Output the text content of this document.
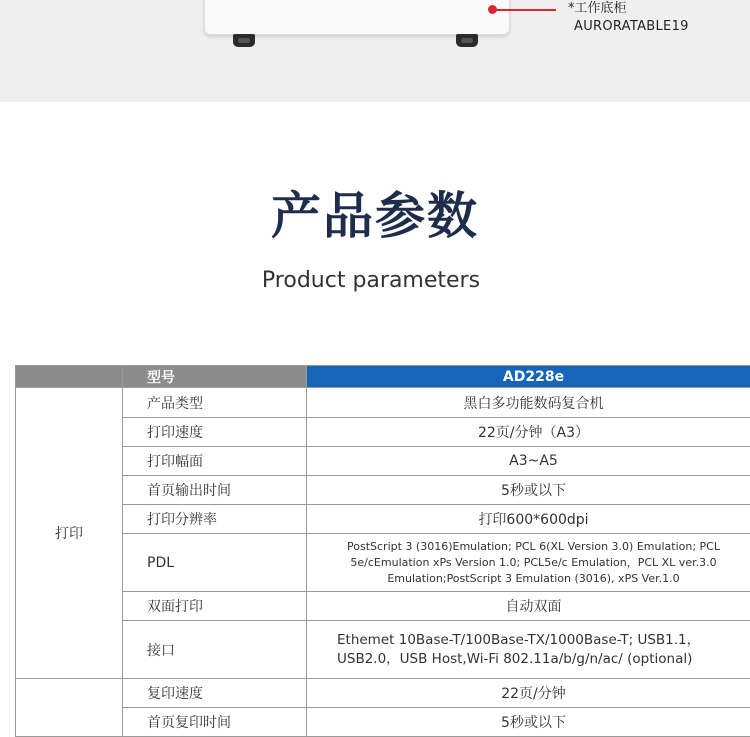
*工作底柜
AURORATABLE19
产品参数
Product parameters
	型号	AD228e
打印	产品类型	黑白多功能数码复合机
	打印速度	22页/分钟（A3）
	打印幅面	A3~A5
	首页输出时间	5秒或以下
	打印分辨率	打印600*600dpi
	PDL	PostScript 3 (3016)Emulation; PCL 6(XL Version 3.0) Emulation; PCL 5e/cEmulation xPs Version 1.0; PCL5e/c Emulation，PCL XL ver.3.0 Emulation;PostScript 3 Emulation (3016), xPS Ver.1.0
	双面打印	自动双面
	接口	Ethemet 10Base-T/100Base-TX/1000Base-T; USB1.1，USB2.0，USB Host,Wi-Fi 802.11a/b/g/n/ac/ (optional)
	复印速度	22页/分钟
	首页复印时间	5秒或以下
